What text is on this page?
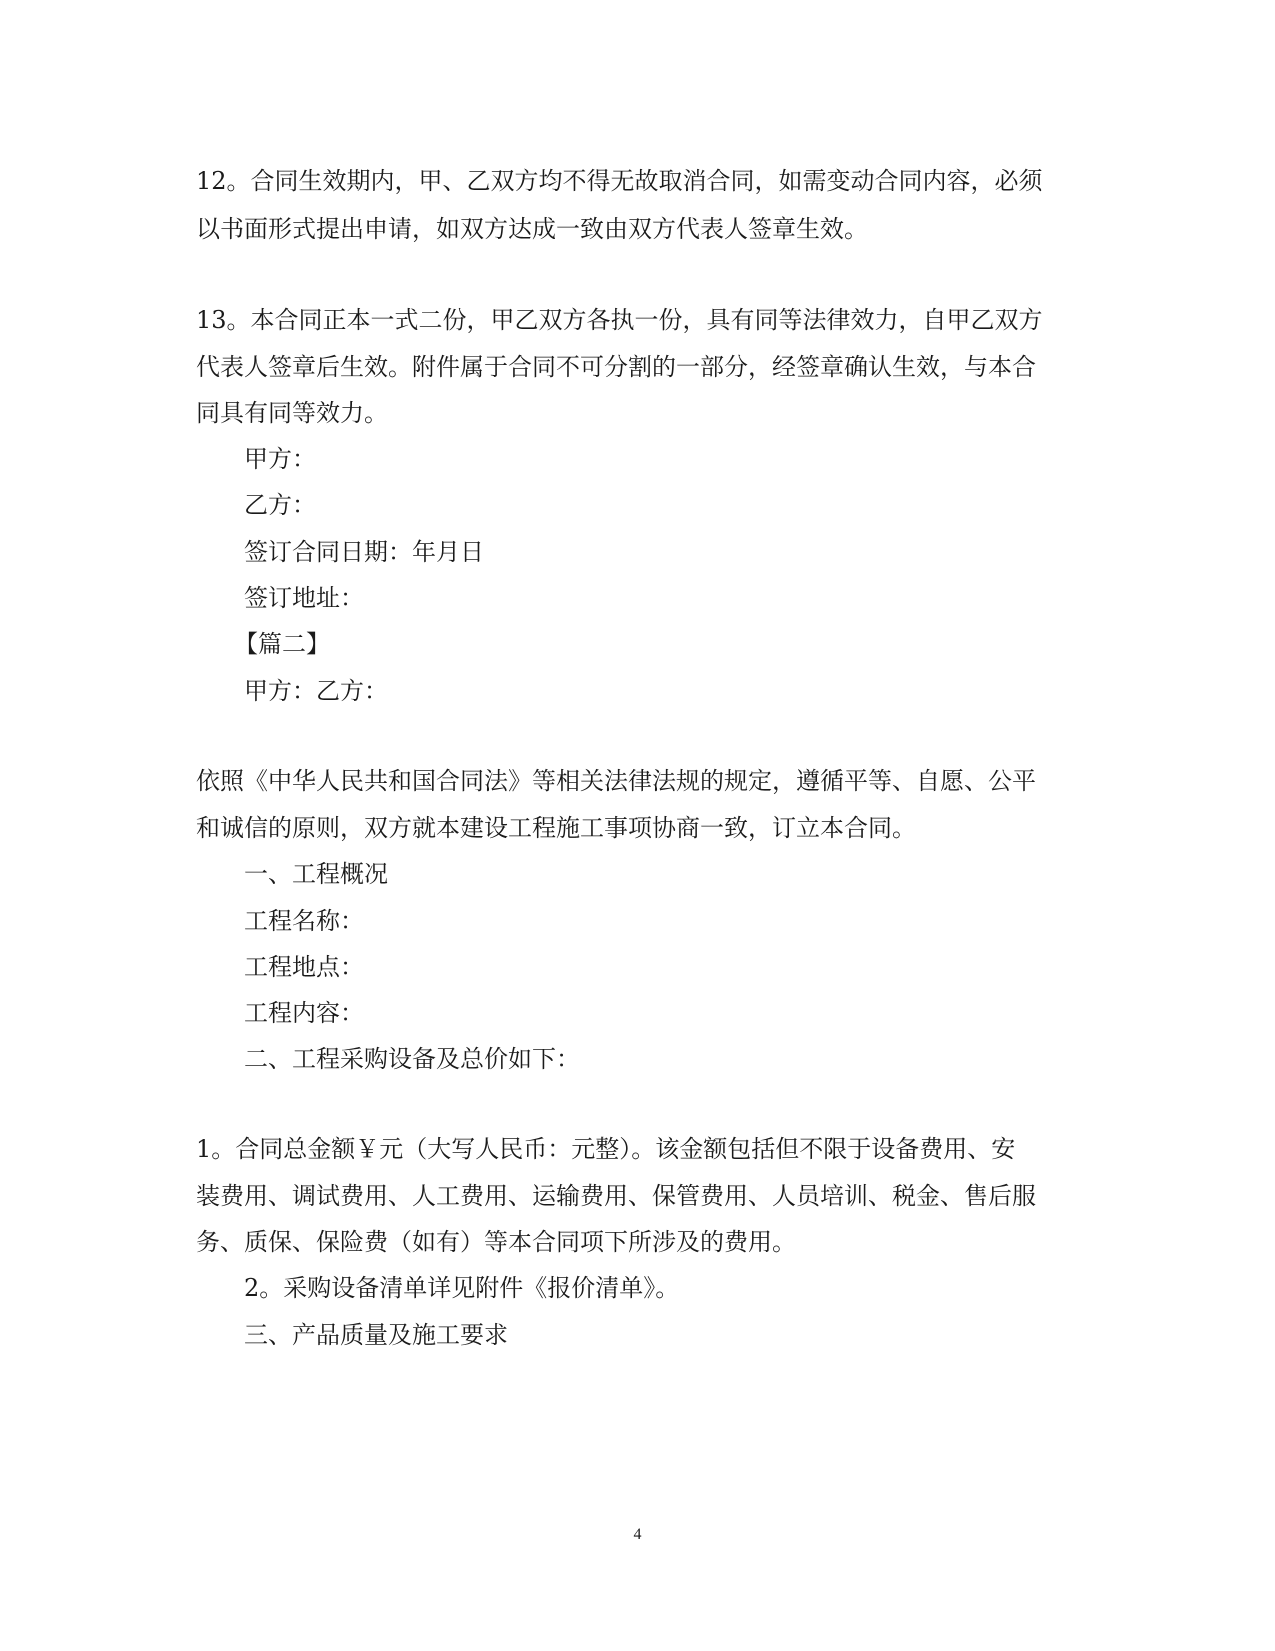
12。合同生效期内，甲、乙双方均不得无故取消合同，如需变动合同内容，必须
以书面形式提出申请，如双方达成一致由双方代表人签章生效。
13。本合同正本一式二份，甲乙双方各执一份，具有同等法律效力，自甲乙双方
代表人签章后生效。附件属于合同不可分割的一部分，经签章确认生效，与本合
同具有同等效力。
甲方：
乙方：
签订合同日期：年月日
签订地址：
【篇二】
甲方：乙方：
依照《中华人民共和国合同法》等相关法律法规的规定，遵循平等、自愿、公平
和诚信的原则，双方就本建设工程施工事项协商一致，订立本合同。
一、工程概况
工程名称：
工程地点：
工程内容：
二、工程采购设备及总价如下：
1。合同总金额￥元（大写人民币：元整）。该金额包括但不限于设备费用、安
装费用、调试费用、人工费用、运输费用、保管费用、人员培训、税金、售后服
务、质保、保险费（如有）等本合同项下所涉及的费用。
2。采购设备清单详见附件《报价清单》。
三、产品质量及施工要求
4
